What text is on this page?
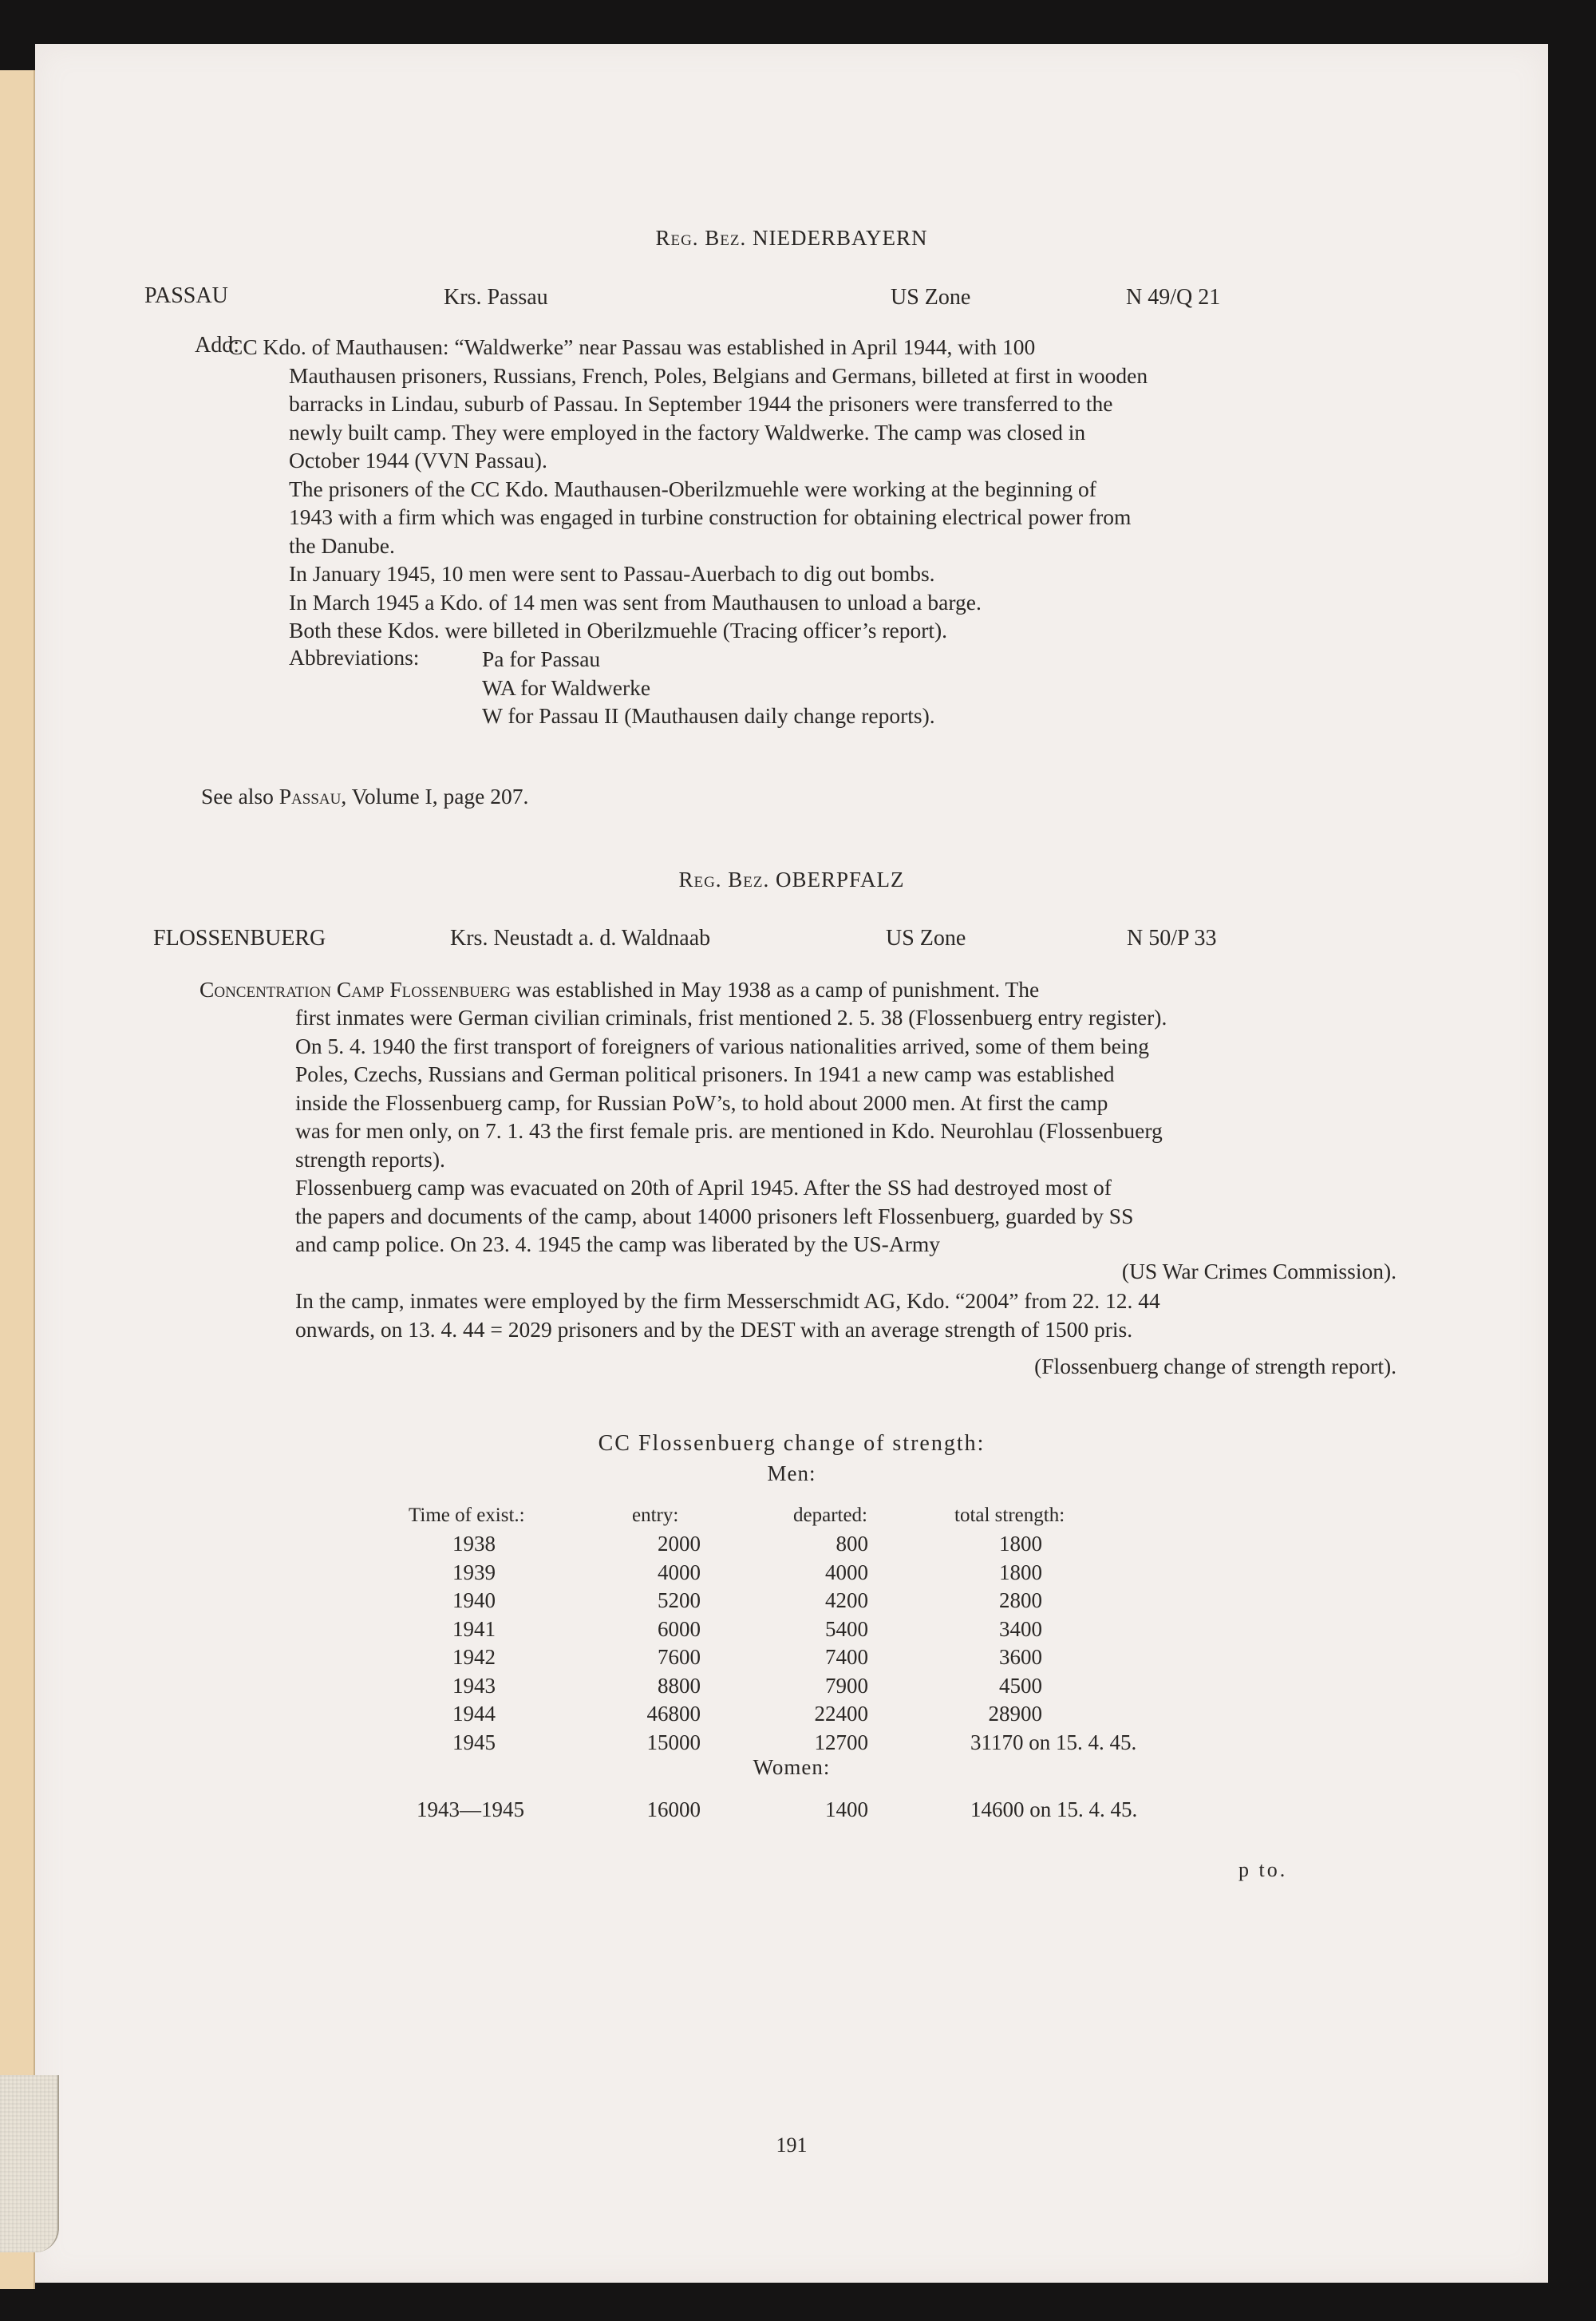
Reg. Bez. NIEDERBAYERN
PASSAU	Krs. Passau	US Zone	N 49/Q 21
Add:
CC Kdo. of Mauthausen: “Waldwerke” near Passau was established in April 1944, with 100
Mauthausen prisoners, Russians, French, Poles, Belgians and Germans, billeted at first in wooden
barracks in Lindau, suburb of Passau. In September 1944 the prisoners were transferred to the
newly built camp. They were employed in the factory Waldwerke. The camp was closed in
October 1944 (VVN Passau).
The prisoners of the CC Kdo. Mauthausen-Oberilzmuehle were working at the beginning of
1943 with a firm which was engaged in turbine construction for obtaining electrical power from
the Danube.
In January 1945, 10 men were sent to Passau-Auerbach to dig out bombs.
In March 1945 a Kdo. of 14 men was sent from Mauthausen to unload a barge.
Both these Kdos. were billeted in Oberilzmuehle (Tracing officer’s report).
Abbreviations:	Pa for Passau
WA for Waldwerke
W for Passau II (Mauthausen daily change reports).
See also Passau, Volume I, page 207.
Reg. Bez. OBERPFALZ
FLOSSENBUERG	Krs. Neustadt a. d. Waldnaab	US Zone	N 50/P 33
Concentration Camp Flossenbuerg was established in May 1938 as a camp of punishment. The
first inmates were German civilian criminals, frist mentioned 2. 5. 38 (Flossenbuerg entry register).
On 5. 4. 1940 the first transport of foreigners of various nationalities arrived, some of them being
Poles, Czechs, Russians and German political prisoners. In 1941 a new camp was established
inside the Flossenbuerg camp, for Russian PoW’s, to hold about 2000 men. At first the camp
was for men only, on 7. 1. 43 the first female pris. are mentioned in Kdo. Neurohlau (Flossenbuerg
strength reports).
Flossenbuerg camp was evacuated on 20th of April 1945. After the SS had destroyed most of
the papers and documents of the camp, about 14000 prisoners left Flossenbuerg, guarded by SS
and camp police. On 23. 4. 1945 the camp was liberated by the US-Army
(US War Crimes Commission).
In the camp, inmates were employed by the firm Messerschmidt AG, Kdo. “2004” from 22. 12. 44
onwards, on 13. 4. 44 = 2029 prisoners and by the DEST with an average strength of 1500 pris.
(Flossenbuerg change of strength report).
CC Flossenbuerg change of strength:
Men:
Women:
p to.
191
Time of exist.:	entry:	departed:	total strength:
1938	2000	800	1800
1939	4000	4000	1800
1940	5200	4200	2800
1941	6000	5400	3400
1942	7600	7400	3600
1943	8800	7900	4500
1944	46800	22400	28900
1945	15000	12700	31170 on 15. 4. 45.
1943—1945	16000	1400	14600 on 15. 4. 45.
